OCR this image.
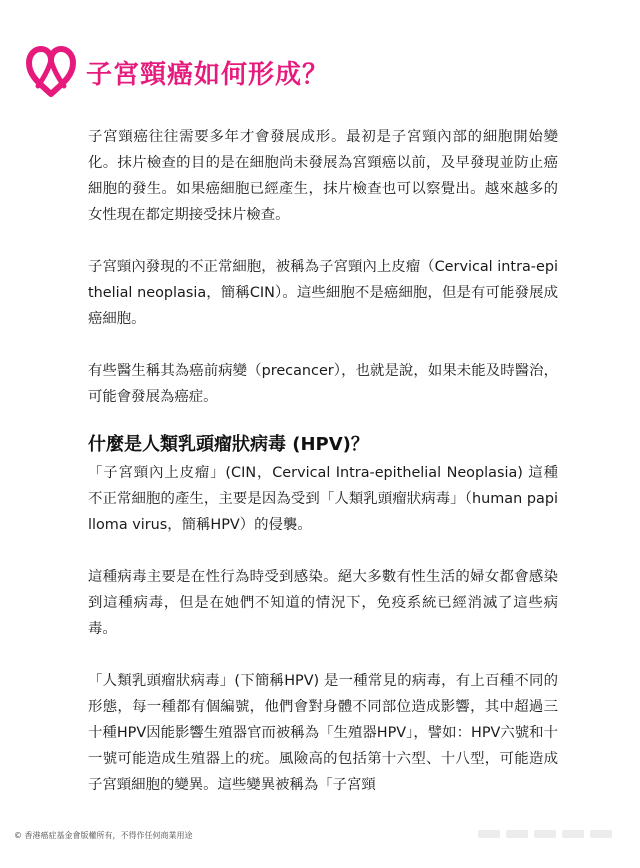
子宮頸癌如何形成？

子宮頸癌往往需要多年才會發展成形。最初是子宮頸內部的細胞開始變化。抹片檢查的目的是在細胞尚未發展為宮頸癌以前，及早發現並防止癌細胞的發生。如果癌細胞已經產生，抹片檢查也可以察覺出。越來越多的女性現在都定期接受抹片檢查。

子宮頸內發現的不正常細胞，被稱為子宮頸內上皮瘤（Cervical intra-epithelial neoplasia，簡稱CIN）。這些細胞不是癌細胞，但是有可能發展成癌細胞。

有些醫生稱其為癌前病變（precancer），也就是說，如果未能及時醫治，可能會發展為癌症。

什麼是人類乳頭瘤狀病毒 (HPV)？

「子宮頸內上皮瘤」(CIN，Cervical Intra-epithelial Neoplasia) 這種不正常細胞的產生，主要是因為受到「人類乳頭瘤狀病毒」（human papilloma virus，簡稱HPV）的侵襲。

這種病毒主要是在性行為時受到感染。絕大多數有性生活的婦女都會感染到這種病毒，但是在她們不知道的情況下，免疫系統已經消滅了這些病毒。

「人類乳頭瘤狀病毒」(下簡稱HPV) 是一種常見的病毒，有上百種不同的形態，每一種都有個編號，他們會對身體不同部位造成影響，其中超過三十種HPV因能影響生殖器官而被稱為「生殖器HPV」，譬如：HPV六號和十一號可能造成生殖器上的疣。風險高的包括第十六型、十八型，可能造成子宮頸細胞的變異。這些變異被稱為「子宮頸

© 香港癌症基金會版權所有，不得作任何商業用途
